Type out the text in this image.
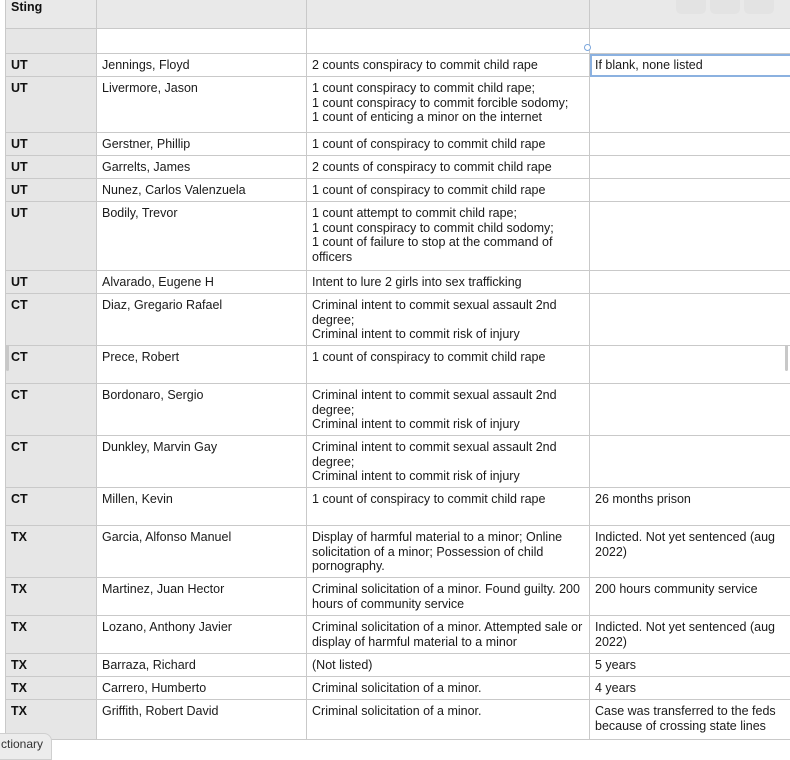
Sting

UT	Jennings, Floyd	2 counts conspiracy to commit child rape	If blank, none listed

UT	Livermore, Jason	1 count conspiracy to commit child rape;
1 count conspiracy to commit forcible sodomy;
1 count of enticing a minor on the internet	

UT	Gerstner, Phillip	1 count of conspiracy to commit child rape	

UT	Garrelts, James	2 counts of conspiracy to commit child rape	

UT	Nunez, Carlos Valenzuela	1 count of conspiracy to commit child rape	

UT	Bodily, Trevor	1 count attempt to commit child rape;
1 count conspiracy to commit child sodomy;
1 count of failure to stop at the command of officers	

UT	Alvarado, Eugene H	Intent to lure 2 girls into sex trafficking	

CT	Diaz, Gregario Rafael	Criminal intent to commit sexual assault 2nd degree;
Criminal intent to commit risk of injury	

CT	Prece, Robert	1 count of conspiracy to commit child rape	

CT	Bordonaro, Sergio	Criminal intent to commit sexual assault 2nd degree;
Criminal intent to commit risk of injury	

CT	Dunkley, Marvin Gay	Criminal intent to commit sexual assault 2nd degree;
Criminal intent to commit risk of injury	

CT	Millen, Kevin	1 count of conspiracy to commit child rape	26 months prison

TX	Garcia, Alfonso Manuel	Display of harmful material to a minor; Online solicitation of a minor; Possession of child pornography.	Indicted. Not yet sentenced (aug 2022)

TX	Martinez, Juan Hector	Criminal solicitation of a minor. Found guilty. 200 hours of community service	200 hours community service

TX	Lozano, Anthony Javier	Criminal solicitation of a minor. Attempted sale or display of harmful material to a minor	Indicted. Not yet sentenced (aug 2022)

TX	Barraza, Richard	(Not listed)	5 years

TX	Carrero, Humberto	Criminal solicitation of a minor.	4 years

TX	Griffith, Robert David	Criminal solicitation of a minor.	Case was transferred to the feds because of crossing state lines
ctionary
